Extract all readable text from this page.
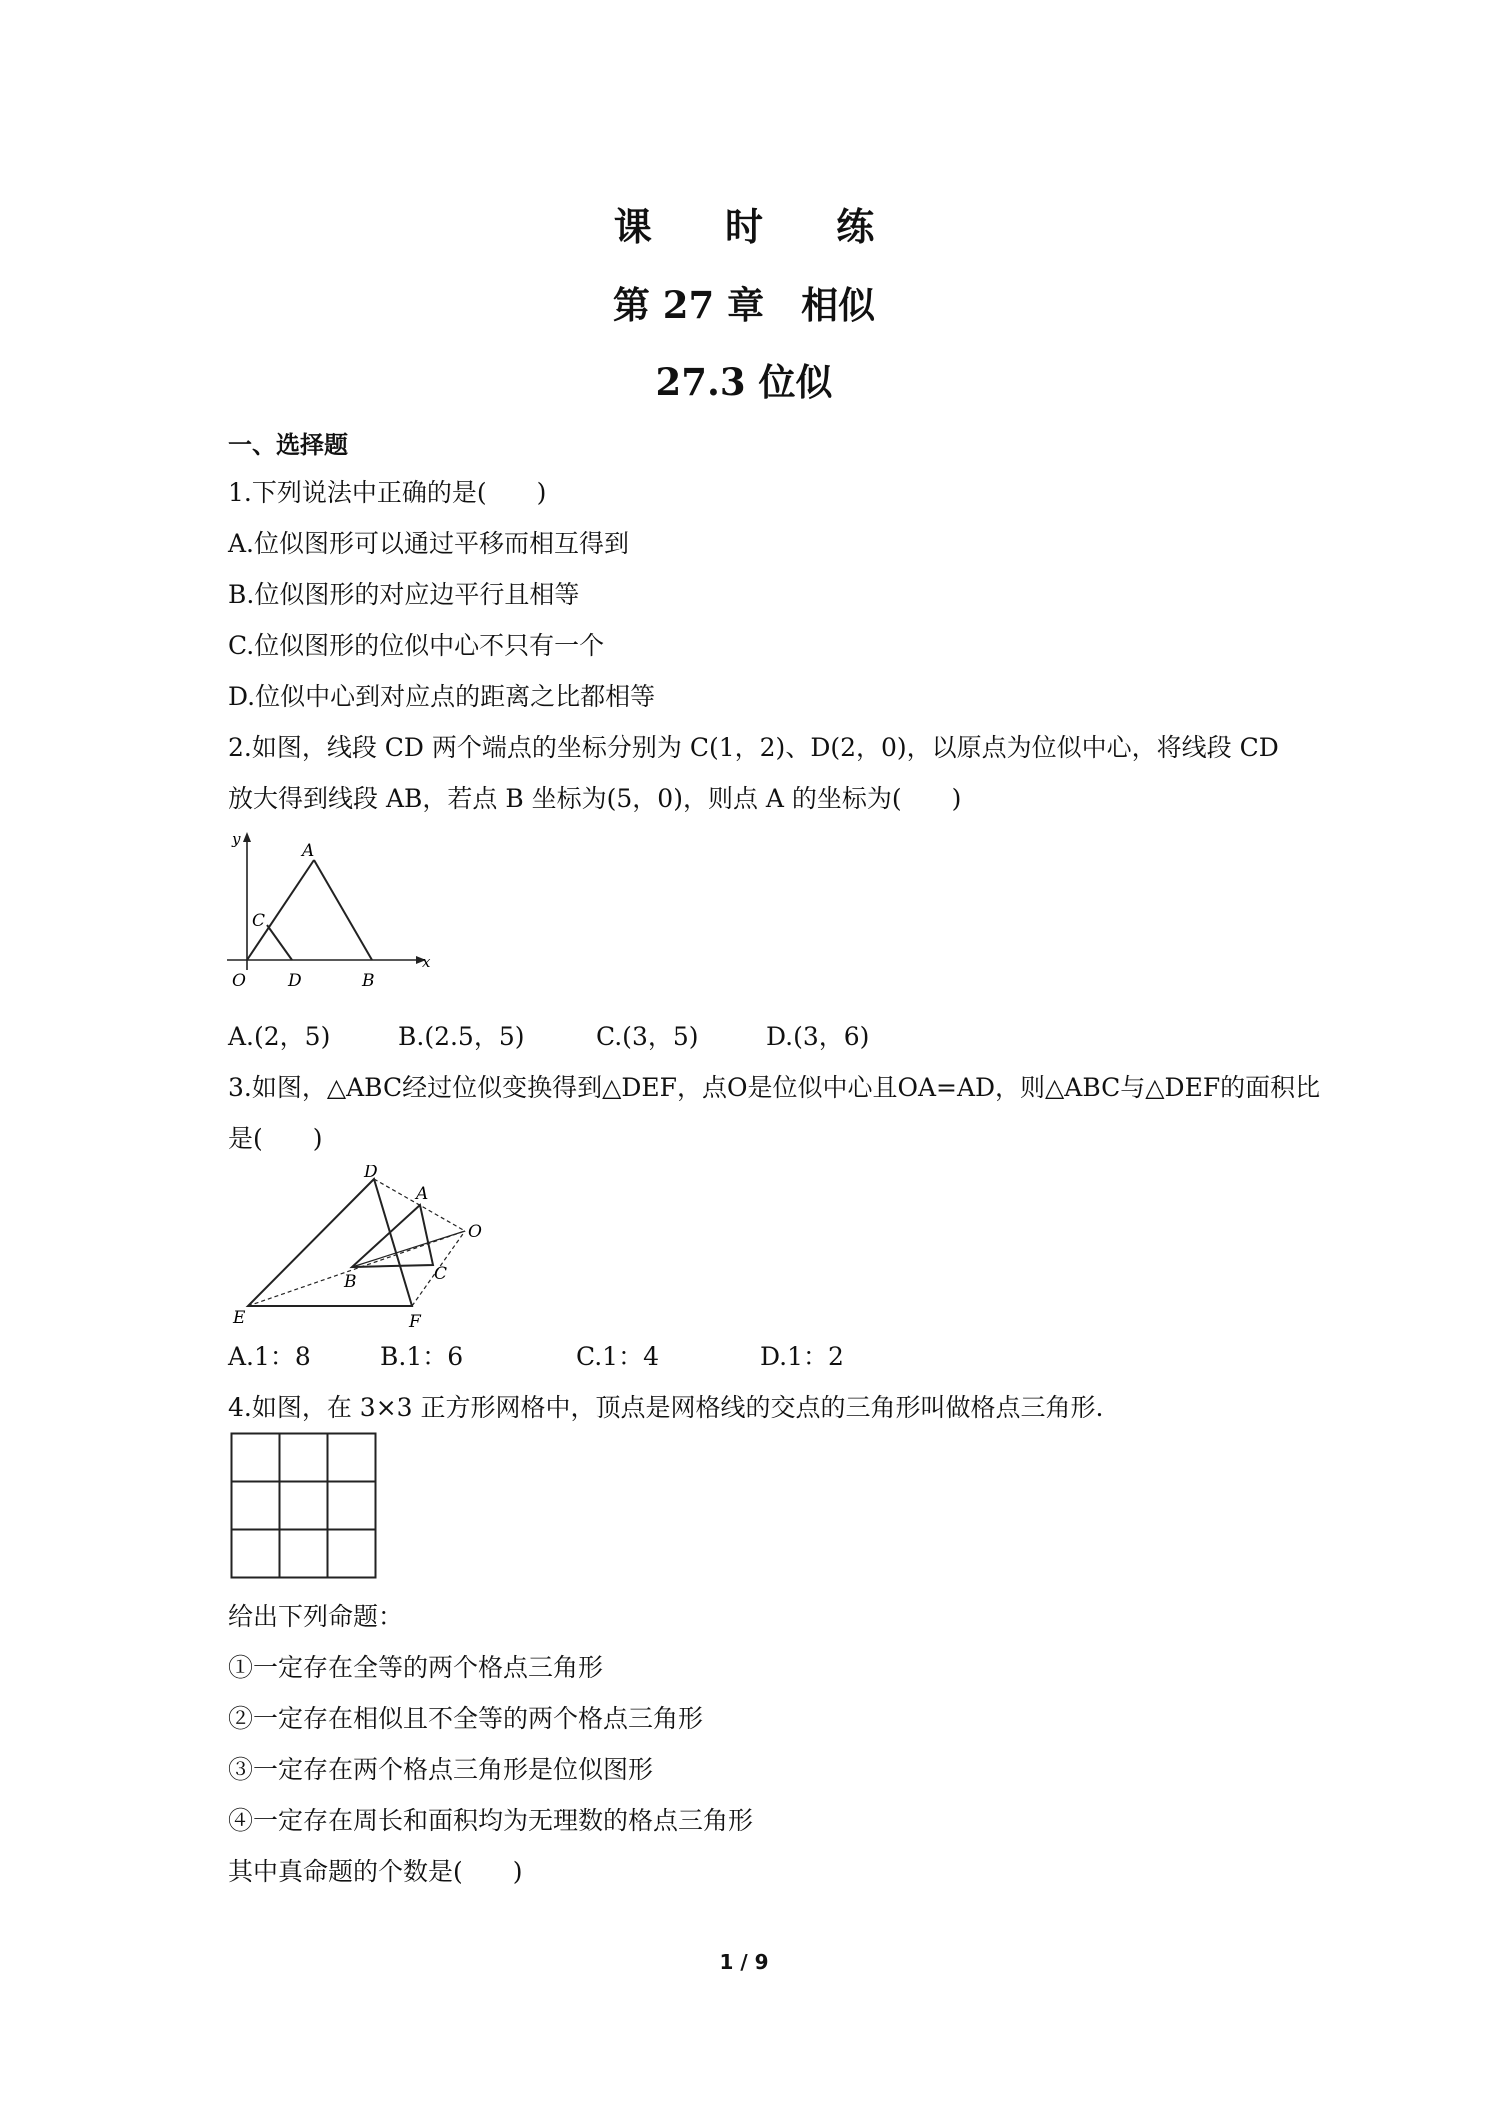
课 时 练
第 27 章　相似
27.3 位似
一、选择题
1.下列说法中正确的是(　　)
A.位似图形可以通过平移而相互得到
B.位似图形的对应边平行且相等
C.位似图形的位似中心不只有一个
D.位似中心到对应点的距离之比都相等
2.如图，线段 CD 两个端点的坐标分别为 C(1，2)、D(2，0)，以原点为位似中心，将线段 CD
放大得到线段 AB，若点 B 坐标为(5，0)，则点 A 的坐标为(　　)
y
x
O
A
B
C
D
A.(2，5)	B.(2.5，5)	C.(3，5)	D.(3，6)
3.如图，△ABC经过位似变换得到△DEF，点O是位似中心且OA=AD，则△ABC与△DEF的面积比
是(　　)
D
A
O
B	C
E	F
A.1：8	B.1：6	C.1：4	D.1：2
4.如图，在 3×3 正方形网格中，顶点是网格线的交点的三角形叫做格点三角形.
给出下列命题：
①一定存在全等的两个格点三角形
②一定存在相似且不全等的两个格点三角形
③一定存在两个格点三角形是位似图形
④一定存在周长和面积均为无理数的格点三角形
其中真命题的个数是(　　)
1 / 9
